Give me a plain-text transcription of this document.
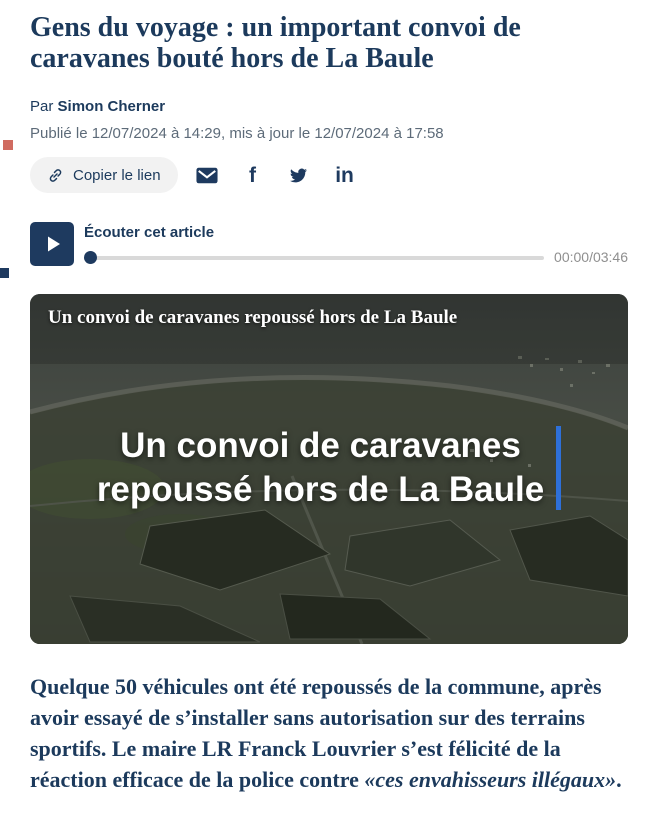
Gens du voyage : un important convoi de caravanes bouté hors de La Baule
Par Simon Cherner
Publié le 12/07/2024 à 14:29, mis à jour le 12/07/2024 à 17:58
Copier le lien	f	in
Écouter cet article
00:00/03:46
Un convoi de caravanes repoussé hors de La Baule
Un convoi de caravanes
repoussé hors de La Baule

Quelque 50 véhicules ont été repoussés de la commune, après avoir essayé de s’installer sans autorisation sur des terrains sportifs. Le maire LR Franck Louvrier s’est félicité de la réaction efficace de la police contre «ces envahisseurs illégaux».
